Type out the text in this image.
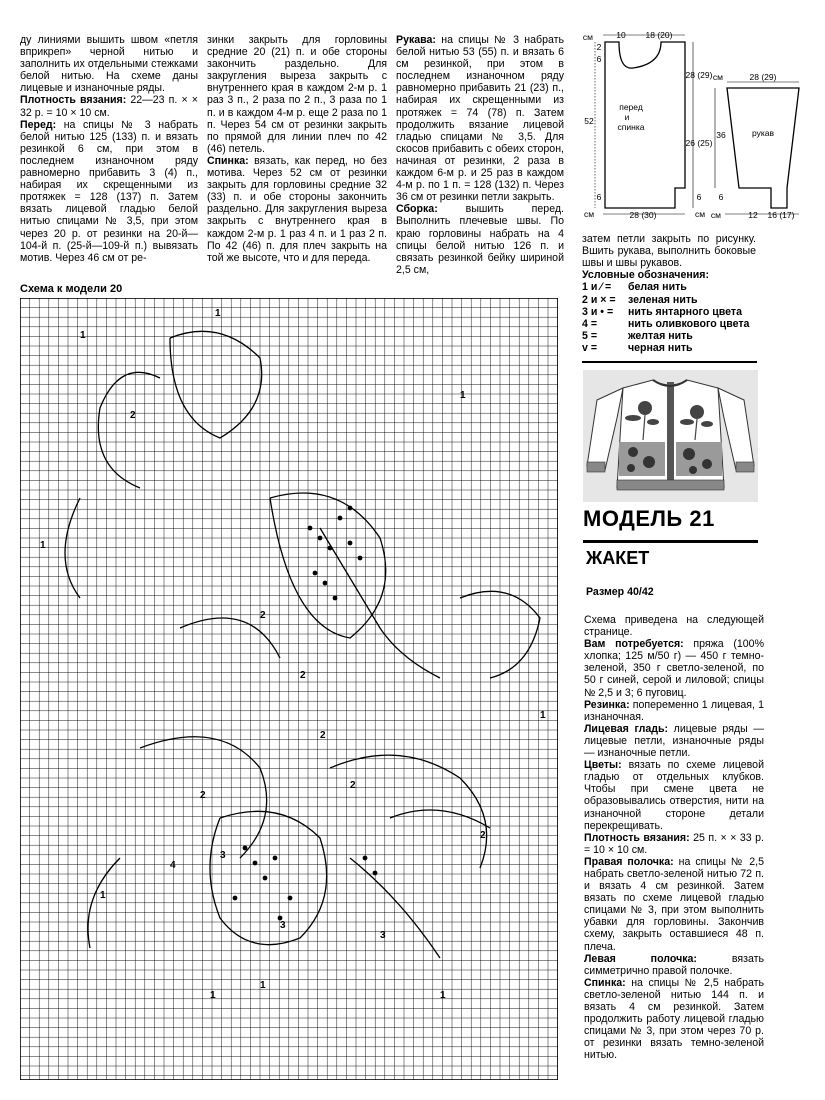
ду линиями вышить швом «петля вприкреп» черной нитью и заполнить их отдельными стежками белой нитью. На схеме даны лицевые и изнаночные ряды.

Плотность вязания: 22—23 п. × × 32 р. = 10 × 10 см.

Перед: на спицы № 3 набрать белой нитью 125 (133) п. и вязать резинкой 6 см, при этом в последнем изнаночном ряду равномерно прибавить 3 (4) п., набирая их скрещенными из протяжек = 128 (137) п. Затем вязать лицевой гладью белой нитью спицами № 3,5, при этом через 20 р. от резинки на 20-й—104-й п. (25-й—109-й п.) вывязать мотив. Через 46 см от ре-

зинки закрыть для горловины средние 20 (21) п. и обе стороны закончить раздельно. Для закругления выреза закрыть с внутреннего края в каждом 2-м р. 1 раз 3 п., 2 раза по 2 п., 3 раза по 1 п. и в каждом 4-м р. еще 2 раза по 1 п. Через 54 см от резинки закрыть по прямой для линии плеч по 42 (46) петель.

Спинка: вязать, как перед, но без мотива. Через 52 см от резинки закрыть для горловины средние 32 (33) п. и обе стороны закончить раздельно. Для закругления выреза закрыть с внутреннего края в каждом 2-м р. 1 раз 4 п. и 1 раз 2 п. По 42 (46) п. для плеч закрыть на той же высоте, что и для переда.

Рукава: на спицы № 3 набрать белой нитью 53 (55) п. и вязать 6 см резинкой, при этом в последнем изнаночном ряду равномерно прибавить 21 (23) п., набирая их скрещенными из протяжек = 74 (78) п. Затем продолжить вязание лицевой гладью спицами № 3,5. Для скосов прибавить с обеих сторон, начиная от резинки, 2 раза в каждом 6-м р. и 25 раз в каждом 4-м р. по 1 п. = 128 (132) п. Через 36 см от резинки петли закрыть.

Сборка: вышить перед. Выполнить плечевые швы. По краю горловины набрать на 4 спицы белой нитью 126 п. и связать резинкой бейку шириной 2,5 см,

см	10 18 (20)
2
6
52
28 (29)
26 (25)
6
6
см	28 (30)	см
перед
и
спинка
см	28 (29)
36	рукав
6
см	12 16 (17)

затем петли закрыть по рисунку. Вшить рукава, выполнить боковые швы и швы рукавов.

Условные обозначения:
1 и ⁄ =	белая нить
2 и × =	зеленая нить
3 и • =	нить янтарного цвета
4 =	нить оливкового цвета
5 =	желтая нить
v =	черная нить
МОДЕЛЬ 21
ЖАКЕТ
Размер 40/42

Схема приведена на следующей странице.

Вам потребуется: пряжа (100% хлопка; 125 м/50 г) — 450 г темно-зеленой, 350 г светло-зеленой, по 50 г синей, серой и лиловой; спицы № 2,5 и 3; 6 пуговиц.

Резинка: попеременно 1 лицевая, 1 изнаночная.

Лицевая гладь: лицевые ряды — лицевые петли, изнаночные ряды — изнаночные петли.

Цветы: вязать по схеме лицевой гладью от отдельных клубков. Чтобы при смене цвета не образовывались отверстия, нити на изнаночной стороне детали перекрещивать.

Плотность вязания: 25 п. × × 33 р. = 10 × 10 см.

Правая полочка: на спицы № 2,5 набрать светло-зеленой нитью 72 п. и вязать 4 см резинкой. Затем вязать по схеме лицевой гладью спицами № 3, при этом выполнить убавки для горловины. Закончив схему, закрыть оставшиеся 48 п. плеча.

Левая полочка: вязать симметрично правой полочке.

Спинка: на спицы № 2,5 набрать светло-зеленой нитью 144 п. и вязать 4 см резинкой. Затем продолжить работу лицевой гладью спицами № 3, при этом через 70 р. от резинки вязать темно-зеленой нитью.

Схема к модели 20
1
2
1
1
1
2
1
2
2
3
3
2
2
4
1
1	1
2
3
1
